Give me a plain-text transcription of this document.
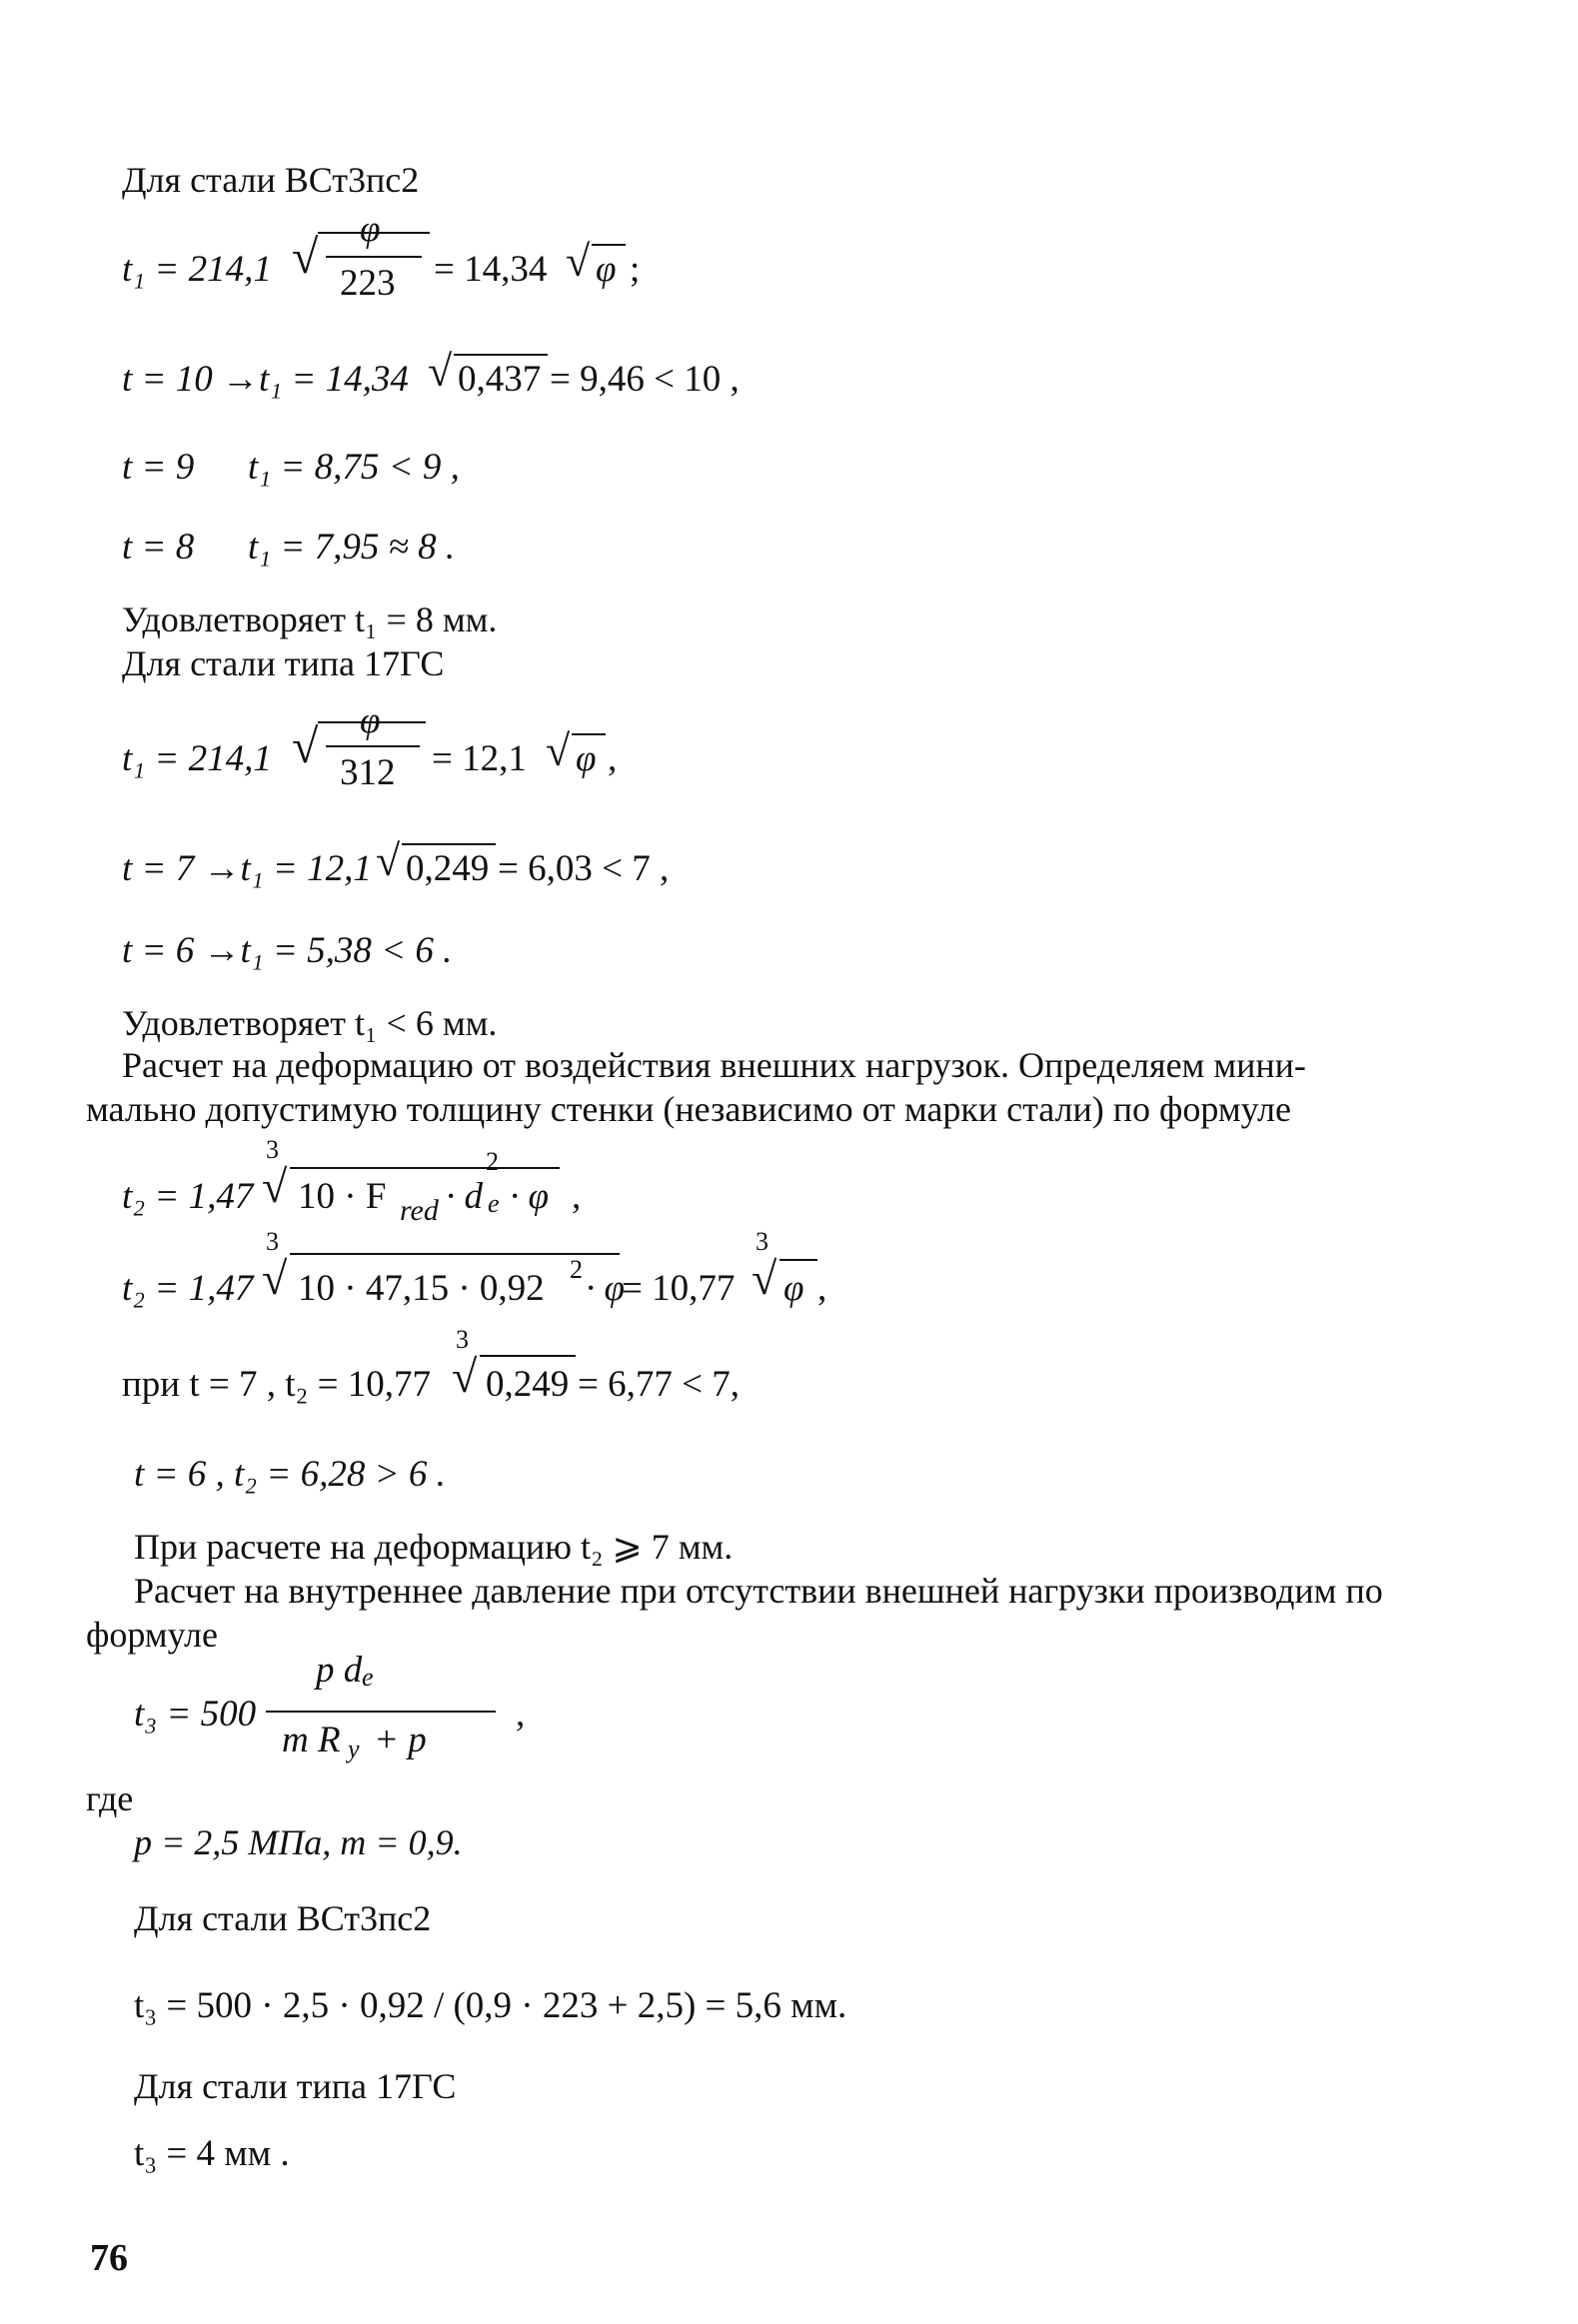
Для стали ВСт3пс2
t₁ = 214,1 √
φ
223 = 14,34 √ φ ;
t = 10 →t₁ = 14,34 √ 0,437 = 9,46 < 10 ,
t = 9 t₁ = 8,75 < 9 ,
t = 8 t₁ = 7,95 ≈ 8 .
Удовлетворяет t₁ = 8 мм.
Для стали типа 17ГС
t₁ = 214,1 √ φ
312 = 12,1 √ φ ,
t = 7 →t₁ = 12,1 √ 0,249 = 6,03 < 7 ,
t = 6 →t₁ = 5,38 < 6 .
Удовлетворяет t₁ < 6 мм.
Расчет на деформацию от воздействия внешних нагрузок. Определяем мини-
мально допустимую толщину стенки (независимо от марки стали) по формуле
t₂ = 1,47
3
√ 10 · F red · d
2
e · φ ,
t₂ = 1,47
3
√ 10 · 47,15 · 0,92 2 · φ
= 10,77
3
√ φ ,
при t = 7 , t₂ = 10,77
3
√ 0,249 = 6,77 < 7,
t = 6 , t₂ = 6,28 > 6 .
При расчете на деформацию t₂ ⩾ 7 мм.
Расчет на внутреннее давление при отсутствии внешней нагрузки производим по
формуле
t₃ = 500
p d e
m R y + p
,
где
p = 2,5 МПа, m = 0,9.
Для стали ВСт3пс2
t₃ = 500 · 2,5 · 0,92 / (0,9 · 223 + 2,5) = 5,6 мм.
Для стали типа 17ГС
t₃ = 4 мм .
76
